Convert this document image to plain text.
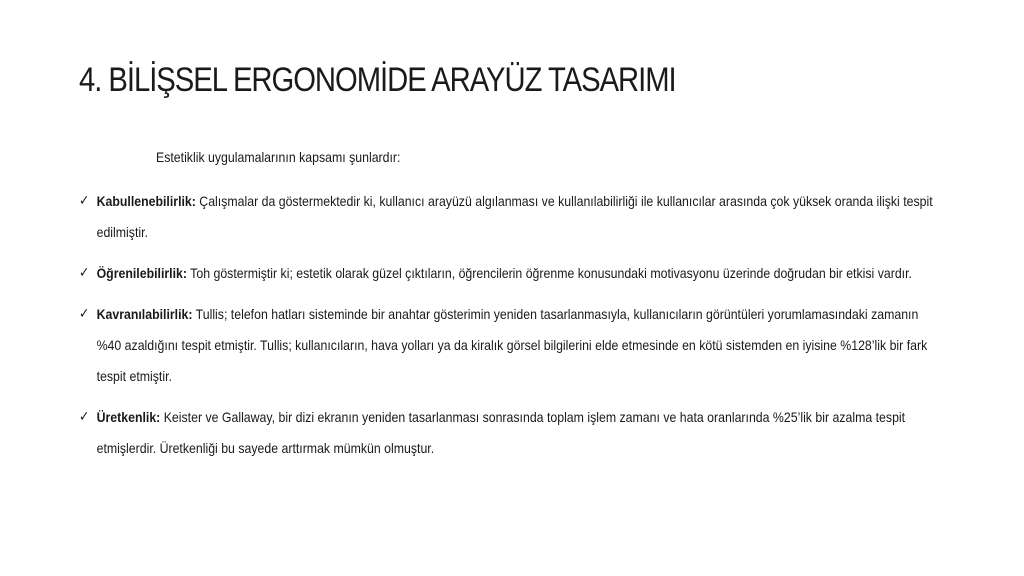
4. BİLİŞSEL ERGONOMİDE ARAYÜZ TASARIMI

Estetiklik uygulamalarının kapsamı şunlardır:

✓ Kabullenebilirlik: Çalışmalar da göstermektedir ki, kullanıcı arayüzü algılanması ve kullanılabilirliği ile kullanıcılar arasında çok yüksek oranda ilişki tespit edilmiştir.
✓ Öğrenilebilirlik: Toh göstermiştir ki; estetik olarak güzel çıktıların, öğrencilerin öğrenme konusundaki motivasyonu üzerinde doğrudan bir etkisi vardır.
✓ Kavranılabilirlik: Tullis; telefon hatları sisteminde bir anahtar gösterimin yeniden tasarlanmasıyla, kullanıcıların görüntüleri yorumlamasındaki zamanın %40 azaldığını tespit etmiştir. Tullis; kullanıcıların, hava yolları ya da kiralık görsel bilgilerini elde etmesinde en kötü sistemden en iyisine %128’lik bir fark tespit etmiştir.
✓ Üretkenlik: Keister ve Gallaway, bir dizi ekranın yeniden tasarlanması sonrasında toplam işlem zamanı ve hata oranlarında %25’lik bir azalma tespit etmişlerdir. Üretkenliği bu sayede arttırmak mümkün olmuştur.
